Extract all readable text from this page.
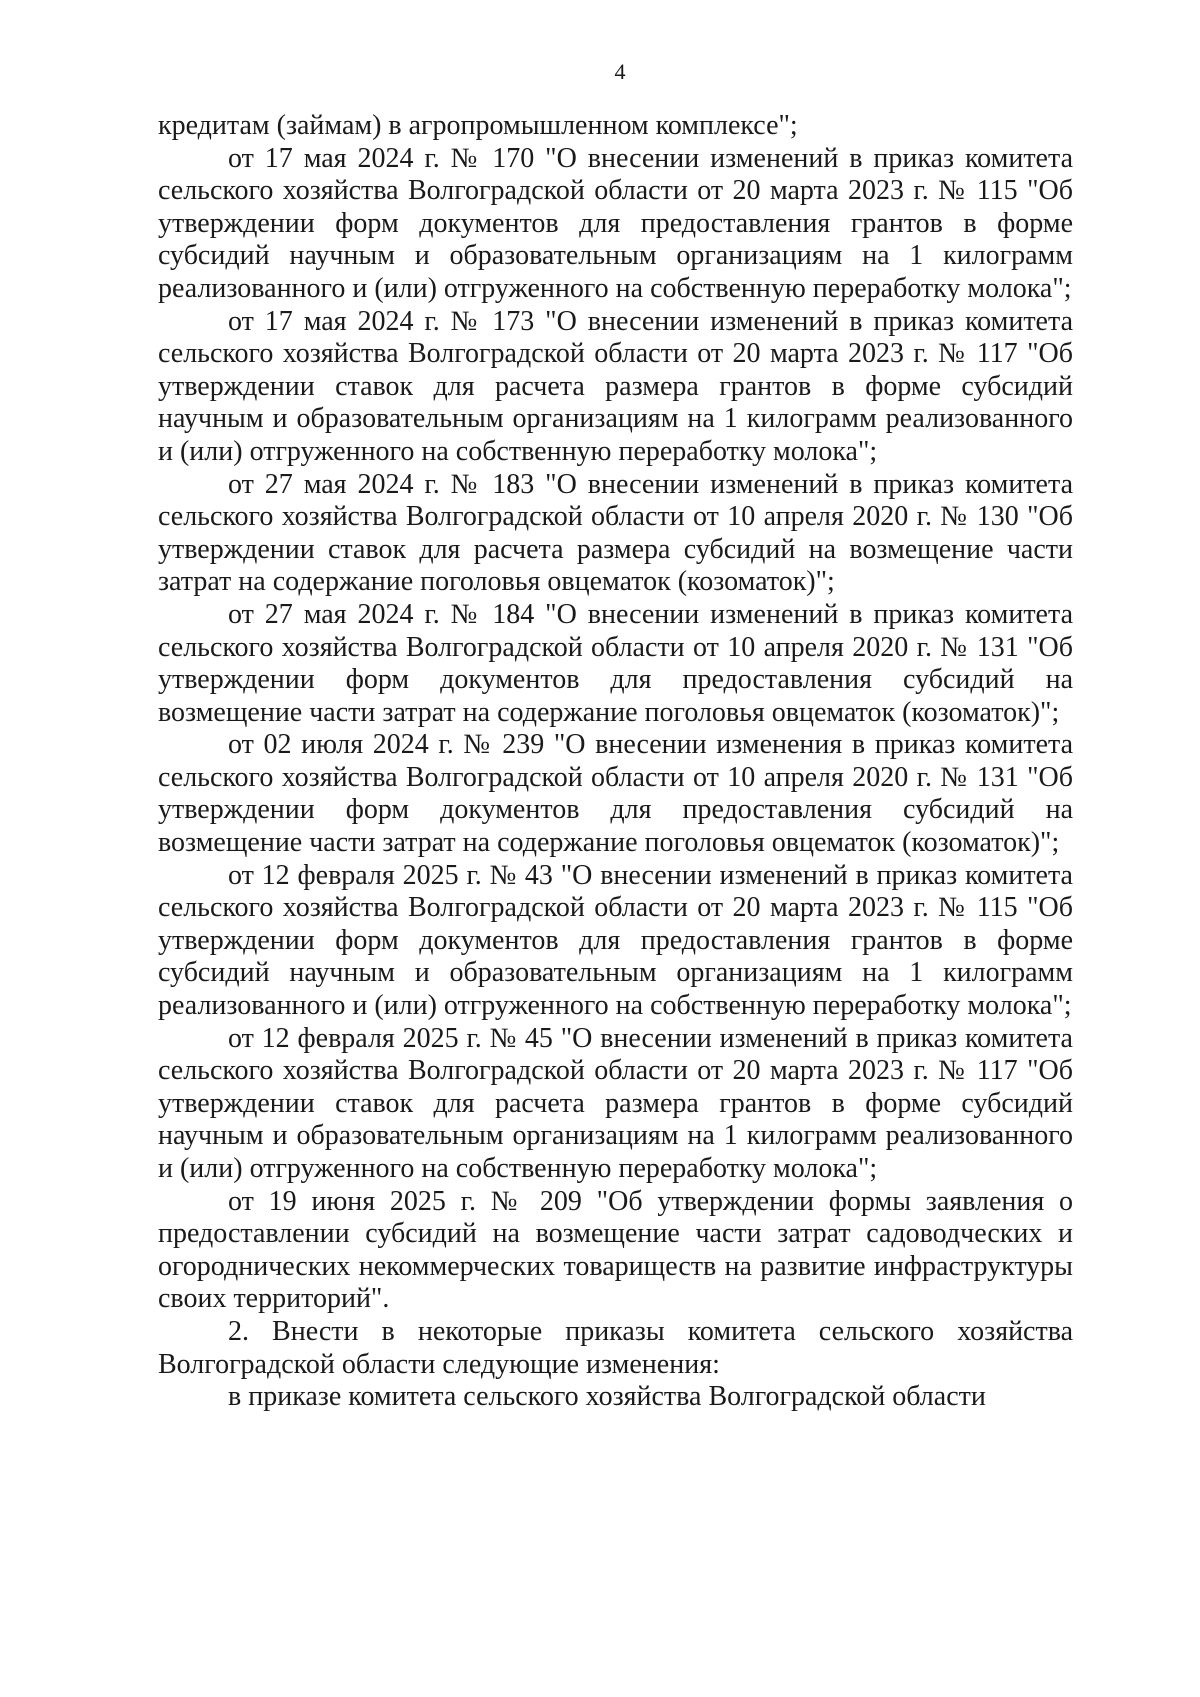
4

кредитам (займам) в агропромышленном комплексе";

от 17 мая 2024 г. № 170 "О внесении изменений в приказ комитета сельского хозяйства Волгоградской области от 20 марта 2023 г. № 115 "Об утверждении форм документов для предоставления грантов в форме субсидий научным и образовательным организациям на 1 килограмм реализованного и (или) отгруженного на собственную переработку молока";

от 17 мая 2024 г. № 173 "О внесении изменений в приказ комитета сельского хозяйства Волгоградской области от 20 марта 2023 г. № 117 "Об утверждении ставок для расчета размера грантов в форме субсидий научным и образовательным организациям на 1 килограмм реализованного и (или) отгруженного на собственную переработку молока";

от 27 мая 2024 г. № 183 "О внесении изменений в приказ комитета сельского хозяйства Волгоградской области от 10 апреля 2020 г. № 130 "Об утверждении ставок для расчета размера субсидий на возмещение части затрат на содержание поголовья овцематок (козоматок)";

от 27 мая 2024 г. № 184 "О внесении изменений в приказ комитета сельского хозяйства Волгоградской области от 10 апреля 2020 г. № 131 "Об утверждении форм документов для предоставления субсидий на возмещение части затрат на содержание поголовья овцематок (козоматок)";

от 02 июля 2024 г. № 239 "О внесении изменения в приказ комитета сельского хозяйства Волгоградской области от 10 апреля 2020 г. № 131 "Об утверждении форм документов для предоставления субсидий на возмещение части затрат на содержание поголовья овцематок (козоматок)";

от 12 февраля 2025 г. № 43 "О внесении изменений в приказ комитета сельского хозяйства Волгоградской области от 20 марта 2023 г. № 115 "Об утверждении форм документов для предоставления грантов в форме субсидий научным и образовательным организациям на 1 килограмм реализованного и (или) отгруженного на собственную переработку молока";

от 12 февраля 2025 г. № 45 "О внесении изменений в приказ комитета сельского хозяйства Волгоградской области от 20 марта 2023 г. № 117 "Об утверждении ставок для расчета размера грантов в форме субсидий научным и образовательным организациям на 1 килограмм реализованного и (или) отгруженного на собственную переработку молока";

от 19 июня 2025 г. № 209 "Об утверждении формы заявления о предоставлении субсидий на возмещение части затрат садоводческих и огороднических некоммерческих товариществ на развитие инфраструктуры своих территорий".

2. Внести в некоторые приказы комитета сельского хозяйства Волгоградской области следующие изменения:

в приказе комитета сельского хозяйства Волгоградской области
